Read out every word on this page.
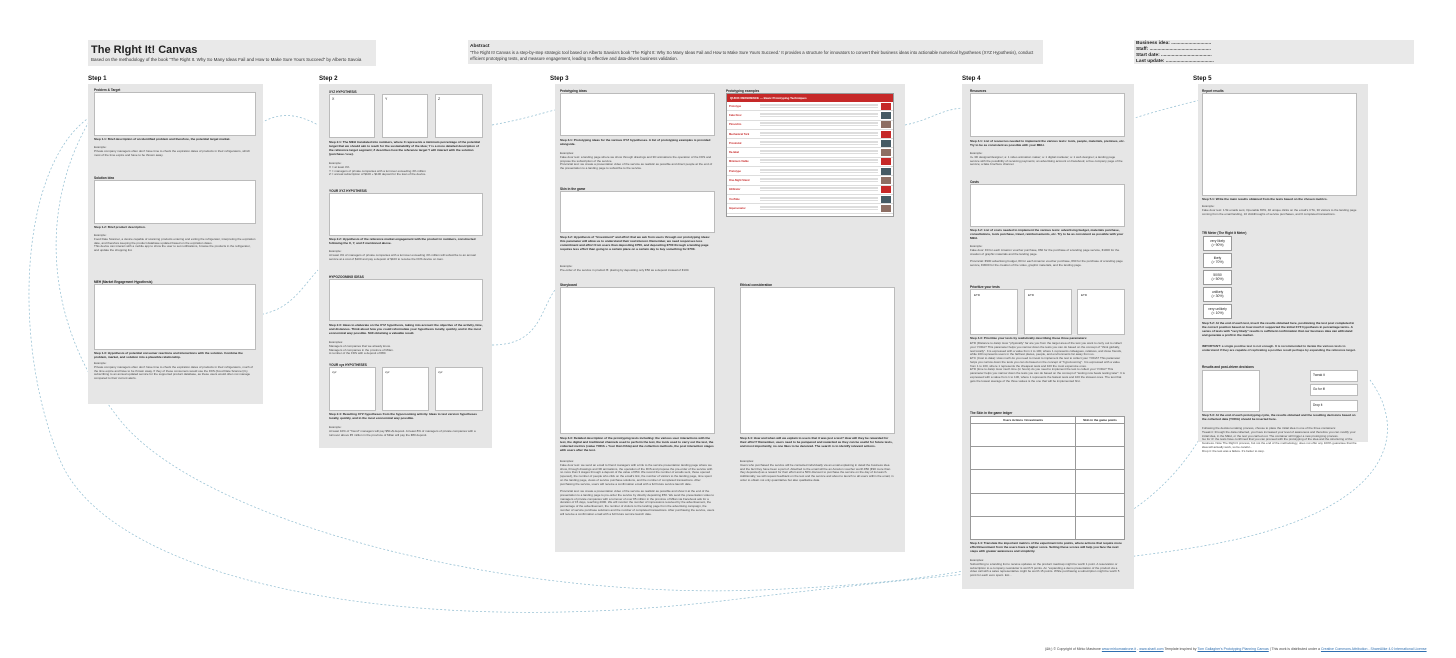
The RIght It! Canvas
Based on the methodology of the book “The Right It. Why So Many Ideas Fail and How to Make Sure Yours Succeed” by Alberto Savoia
Abstract
“The Right It! Canvas is a step-by-step strategic tool based on Alberto Savoia's book 'The Right It: Why So Many Ideas Fail and How to Make Sure Yours Succeed.' It provides a structure for innovators to convert their business ideas into actionable numerical hypotheses (XYZ Hypothesis), conduct efficient prototyping tests, and measure engagement, leading to effective and data-driven business validation.
Business idea: ..............................
Staff: ..............................................
Start date: ......................................
Last update: ....................................
Step 1	Step 2	Step 3	Step 4	Step 5
Problem & Target
Step 1.1: Brief description of an identified problem and therefore, the potential target market.
Example:
Private company managers often don't have time to check the expiration dates of products in their refrigerators, which most of the time expire and have to be thrown away.
Solution idea
Step 1.2: Brief product description.
Example:
Food Date Scanner, a device capable of scanning products entering and exiting the refrigerator, interpreting the expiration date, and therefore keeping the product database updated based on the expiration dates.
This device can interact with a mobile app to show the user to set notifications, browse the products in the refrigerator, and update the shopping list.
MEH (Market Engagement Hypothesis)
Step 1.3: Hypothesis of potential consumer reactions and interactions with the solution. Combine the problem, market, and solution into a plausible relationship.
Example:
Private company managers often don't have time to check the expiration dates of products in their refrigerators, much of the time expire and have to be thrown away. If they of these consumers would use the FDS (Food Date Scanner) by subscribing to an annual updated service for the supported product database, as these users would often not manage compared to their current alerts.
XYZ HYPOTHESIS
X	Y	Z
Step 2.1: The MEH translated into numbers, where X represents a minimum percentage of the potential target that we should aim to reach for the sustainability of the idea; Y is a more detailed description of the reference target segment; Z describes how the reference target Y will interact with the solution (purchase / use).
Example:
X = at least 4%
Y = managers of private companies with a turnover exceeding 4% million
Z = annual subscription of $100 + $100 deposit for the loan of the device.
YOUR XYZ HYPOTHESIS
Step 2.2: Hypothesis of the reference market engagement with the product in numbers, constructed following the X, Y, and Z mentioned above.
Example:
At least 4% of managers of private companies with a turnover exceeding 4% million will subscribe to an annual service at a cost of $100 and pay a deposit of $100 to receive the FDS device on loan.
HYPOZOOMING IDEAS
Step 2.3: Ideas to elaborate on the XYZ hypothesis, taking into account the objective of the activity, time, and distances. Think about how you could reformulate your hypothesis locally, quickly, and in the most economical way possible. Still obtaining a valuable result.
Examples:
Managers of companies that we already know.
Managers of companies in the province of Milan.
A number of the FDS with a deposit of €80.
YOUR xyz HYPOTHESES
xyz	xyz	xyz
Step 2.4: Resulting XYZ hypotheses from the hypozooming activity. Ideas to test version hypotheses locally, quickly, and in the most economical way possible.
Example:
At least 10% of "friend" managers will pay $50+$ deposit. At least 8% of managers of private companies with a turnover above €5 million in the province of Milan will pay the €80 deposit.
Prototyping ideas	Prototyping examples
QUICK REFERENCE — Basic Prototyping Techniques
Prototype
Fake Door
Pinocchio
Mechanical Turk
Provincial
Re-label
Minimum Viable
Pretotype
One-Night Stand
Infiltrator
YouTube
Impersonator
Step 3.1: Prototyping ideas for the various XYZ hypotheses. A list of prototyping examples is provided alongside.
Examples:
Fake door test: a landing page where we show through drawings and 3D animations the operation of the FDS and propose the subscription of the service.
Provincial test: we create a presentation video of the service as realistic as possible and direct people at the end of the presentation to a landing page to subscribe to the service.
Skin in the game
Step 3.2: Hypothesis of "investment" and effort that we ask from users through our prototyping ideas: this parameter will allow us to understand their real interest. Remember, we need responses less commitment and effort from users than depositing €700, and depositing €700 through a landing page requires less effort than going to a certain place on a certain day to buy something for €700.
Example:
Pre-order of the service in product B: placing by depositing only €50 as a deposit instead of €100.
Storyboard	Ethical consideration
Step 3.3: Detailed description of the prototyping tests including: the various user interactions with the test, the digital and traditional channels used to perform the test, the tools used to carry out the test, the collected metrics (value YODA + Your Own DAta) and the collection methods, the post interaction stages with users after the test.
Examples:
Fake door test: we send an email to friend managers with a link to the service presentation landing page where we show, through drawings and 3D animations, the operation of the FDS and propose the pre-order of the service with no more than 3 stages through a deposit of the value of €50. We record the number of emails sent, those opened (opened), the number of people who click on the email's link, the number of visitors to the landing page, time spent on the landing page, views of service purchase solutions, and the number of completed transactions. After purchasing the service, users will receive a confirmation email with a full future service launch date.

Provincial test: we create a presentation video of the service as realistic as possible and show it at the end of the presentation to a landing page to pre-order the service by directly depositing €50. We send the presentation video to managers of private companies with a turnover of over €5 million in the province of Milan via Facebook ads for a duration of 15 days, reaching 2000. We will monitor the number of impressions received by the advertisement, the percentage of the advertisement, the number of visitors to the landing page from the advertising campaign, the number of service purchase solutions and the number of completed transactions. After purchasing the service, users will receive a confirmation email with a full future service launch date.
Step 3.4: How and when will we explain to users that it was just a test? How will they be rewarded for their effort? Remember, users need to be pampered and rewarded as they can be useful for future tests, and most importantly, no one likes to be deceived. The search is to identify relevant actions.
Examples:
Users who purchased the service will be contacted individually via an email explaining in detail the business idea and the fact they have been a part of. Attached to the email will be an Amazon voucher worth €50 (€90 more than they deposited) as a reward for their effort and a 50% discount to purchase the service on the day of its launch. Additionally, we will request feedback on the test and the service and about to launch to all users within the email, in order to obtain not only quantitative but also qualitative data.
Resources
Step 4.1: List of resources needed to implement the various tests: tools, people, materials, premises, etc. Try to be as consistent as possible with your MEH.
Example:
3+ 3D designer/designer; a: 1 video animation maker; a: 1 digital marketer; a: 1 web designer; a landing page service with the possibility of receiving payments; an advertising account on Facebook; a free company page of the service; a fake brochure channel.
Costs
Step 4.2: List of costs needed to implement the various tests: advertising budget, materials purchase, consultations, tools purchase, travel, reimbursements, etc. Try to be as consistent as possible with your MEH.
Example:
Fake door: €0 for each Amazon voucher purchase, €60 for the purchase of a landing page service, €1000 for the creation of graphic materials and the landing page.

Provincial: €900 advertising budget, €0 for each Amazon voucher purchase, €60 for the purchase of a landing page service, €3000 for the creation of the video, graphic materials, and the landing page.
Prioritize your tests
ETD	ETD	ETD
Step 4.3: Prioritize your tests by realistically describing these three parameters:
ETD (Distance to data): How "physically" far are you from the target area of the test you want to carry out to collect your YODA? This parameter helps you narrow down the tests you can do based on the concept of "think globally, test locally". It is expressed with a value from 1 to 100, where 1 represents colleagues, relatives, and close friends, while 100 represents users in the farthest places, people, and environments far away from us.
ETC (Cost to data): How much do you need to invest to implement the test to collect your YODA? This parameter helps you narrow down the tests you can do based on the concept of "hypozooming". It is expressed with a value from 1 to 100, where 1 represents the cheapest tests and 100 the most expensive ones.
ETD (time to data): How much time (in hours) do you need to implement the test to collect your YODA? This parameter helps you narrow down the tests you can do based on the concept of "testing now beats testing later". It is expressed with a value from 1 to 100, where 1 represents the fastest tests and 100 the slowest ones. The test that gets the lowest average of the three values is the one that will be implemented first.
The Skin in the game ledger
Users Actions / Investments	Skin in the game points

Step 4.4: Translate the important metrics of the experiment into points, where actions that require more effort/investment from the users have a higher score. Setting these scores will help you face the next steps with greater awareness and simplicity.
Examples:
Subscribing to a landing list to receive updates on the product roadmap might be worth 1 point. A reservation or subscription to a company newsletter is worth 5 points. An "expanding a demo presentation of the product via a video call with a sales representative might be worth 15 points. While purchasing a subscription might be worth 5 point for each euro spent. Etc...
Report results
Step 5.1: Write the main results obtained from the tests based on the chosen metrics.
Example:
Fake door test: 1.5k emails sent, Openable 80%, 40 unique clicks on the email's CTA, 30 visitors to the landing page coming from the email landing, 10 clickthroughs of service purchases, and 0 completed transactions.
TRI Meter (The Right It Meter)
very likely
(> 90%)
likely
(> 70%)
50/50
(> 50%)
unlikely
(> 30%)
very unlikely
(< 10%)
Step 5.2: At the end of each test, insert the results obtained here, positioning the test post completed in the correct position based on how much it supported the initial XYZ hypothesis in percentage terms. A series of tests with "very likely" results is sufficient confirmation that our business idea can withstand and generate a profit in the market.
IMPORTANT: a single positive test is not enough. It is recommended to iterate the various tests to understand if they are capable of replicating a positive result perhaps by expanding the reference target.
Results and post-driven decisions
Tweak it
Go for it!
Drop it
Step 5.3: At the end of each prototyping cycle, the results obtained and the resulting decisions based on the collected data (YODA) should be inserted here.
Following the decision-making process, choose to place the initial idea in one of the three containers:
Tweak it: through the data collected, you have increased your level of awareness and therefore you can modify your initial idea, in the MEH, or the test you carried out. The container will trigger a new prototyping process.
Go for it!: the tests have confirmed that you can proceed with the prototyping of the idea and the structuring of the business. Note The Right It process, but not the end of the methodology, does not offer any 100% guarantee that the idea will actually work, so be careful...
Drop it: the test was a failure. It's better to stop.
(&lt;) © Copyright of Mirko Mastrone www.mirkomastrone.it - www.sharli.com Template inspired by Tom Gallagher's Prototyping Planning Canvas | This work is distributed under a Creative Commons Attribution - ShareAlike 4.0 International License
